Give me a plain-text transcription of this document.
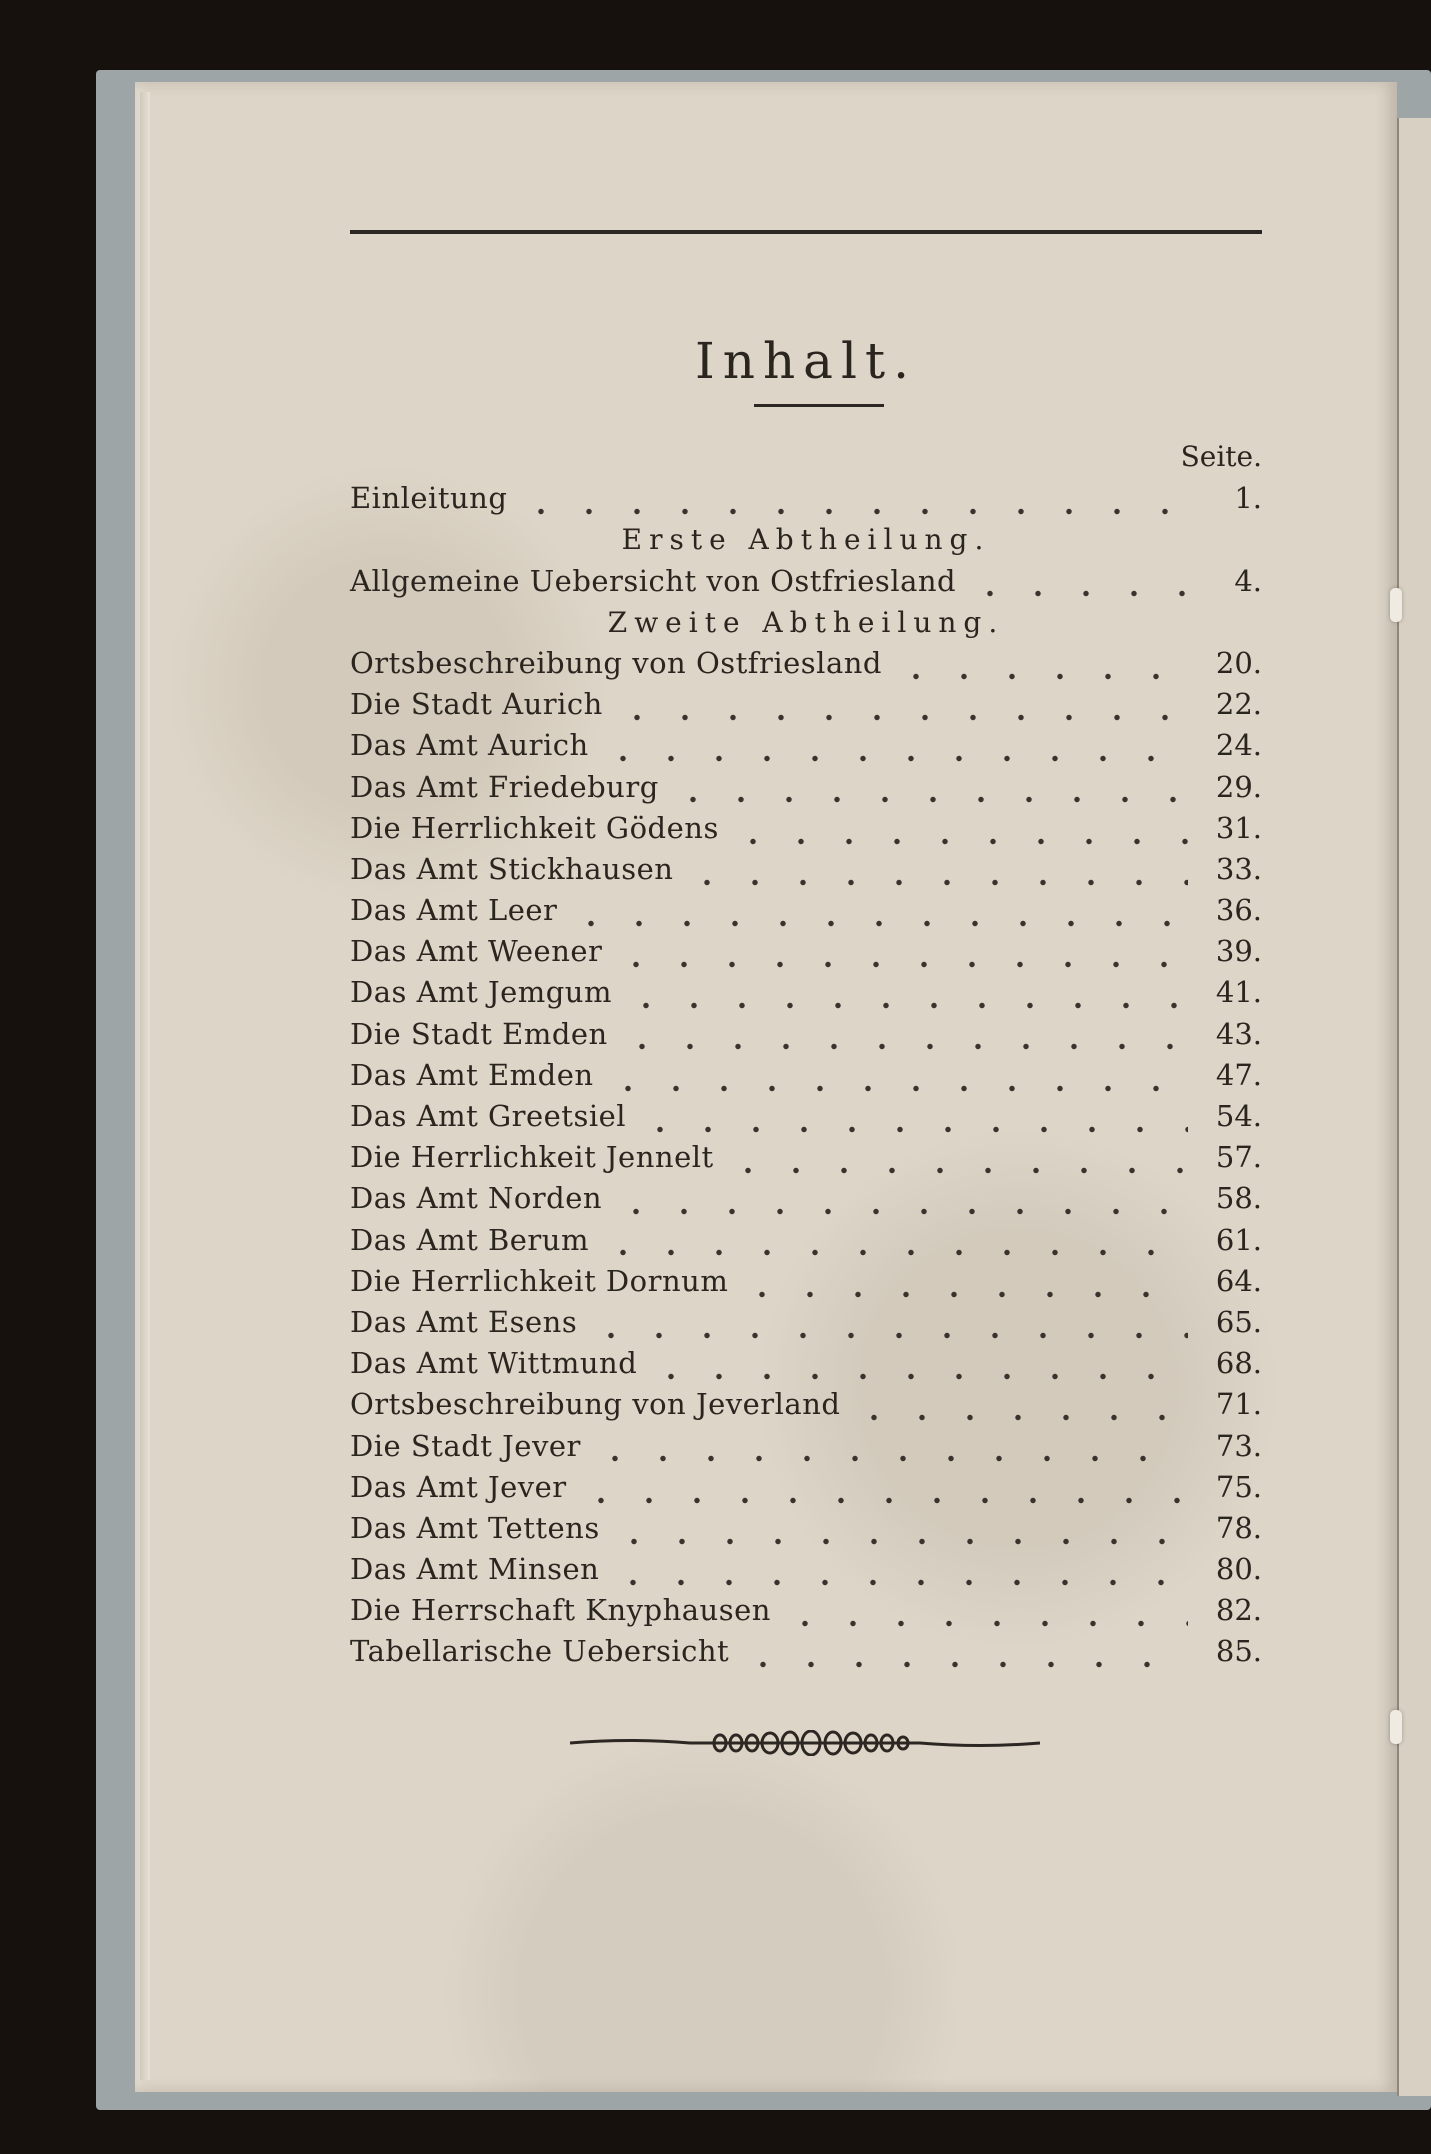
Inhalt.
Seite.
Einleitung	1.
Erste Abtheilung.
Allgemeine Uebersicht von Ostfriesland	4.
Zweite Abtheilung.
Ortsbeschreibung von Ostfriesland	20.
Die Stadt Aurich	22.
Das Amt Aurich	24.
Das Amt Friedeburg	29.
Die Herrlichkeit Gödens	31.
Das Amt Stickhausen	33.
Das Amt Leer	36.
Das Amt Weener	39.
Das Amt Jemgum	41.
Die Stadt Emden	43.
Das Amt Emden	47.
Das Amt Greetsiel	54.
Die Herrlichkeit Jennelt	57.
Das Amt Norden	58.
Das Amt Berum	61.
Die Herrlichkeit Dornum	64.
Das Amt Esens	65.
Das Amt Wittmund	68.
Ortsbeschreibung von Jeverland	71.
Die Stadt Jever	73.
Das Amt Jever	75.
Das Amt Tettens	78.
Das Amt Minsen	80.
Die Herrschaft Knyphausen	82.
Tabellarische Uebersicht	85.
